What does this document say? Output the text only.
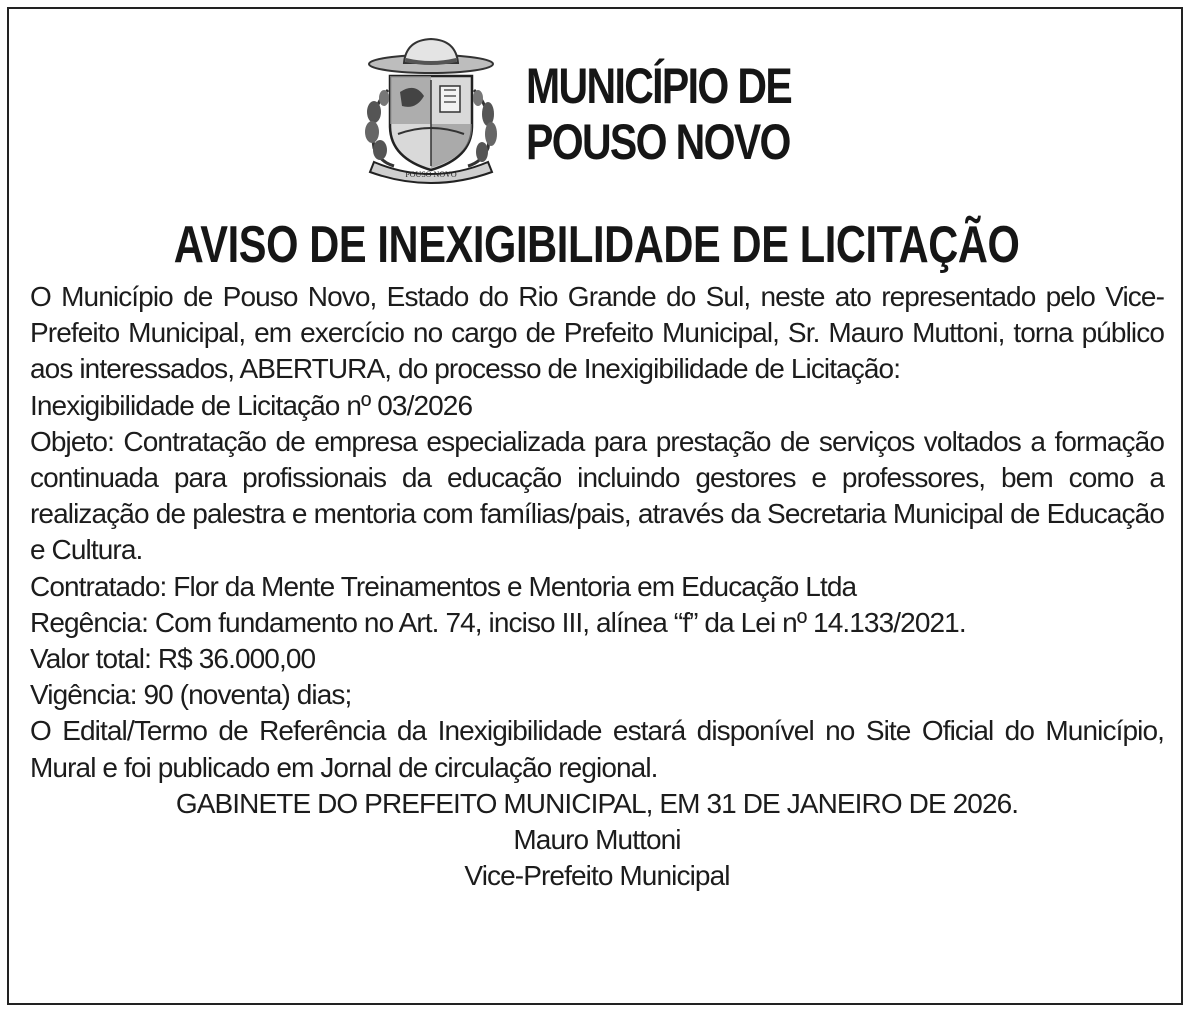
POUSO NOVO
MUNICÍPIO DE
POUSO NOVO
AVISO DE INEXIGIBILIDADE DE LICITAÇÃO

O Município de Pouso Novo, Estado do Rio Grande do Sul, neste ato representado pelo Vice-Prefeito Municipal, em exercício no cargo de Prefeito Municipal, Sr. Mauro Muttoni, torna público aos interessados, ABERTURA, do processo de Inexigibilidade de Licitação:

Inexigibilidade de Licitação nº 03/2026

Objeto: Contratação de empresa especializada para prestação de serviços voltados a formação continuada para profissionais da educação incluindo gestores e professores, bem como a realização de palestra e mentoria com famílias/pais, através da Secretaria Municipal de Educação e Cultura.

Contratado: Flor da Mente Treinamentos e Mentoria em Educação Ltda

Regência: Com fundamento no Art. 74, inciso III, alínea “f” da Lei nº 14.133/2021.

Valor total: R$ 36.000,00

Vigência: 90 (noventa) dias;

O Edital/Termo de Referência da Inexigibilidade estará disponível no Site Oficial do Município, Mural e foi publicado em Jornal de circulação regional.

GABINETE DO PREFEITO MUNICIPAL, EM 31 DE JANEIRO DE 2026.

Mauro Muttoni

Vice-Prefeito Municipal
